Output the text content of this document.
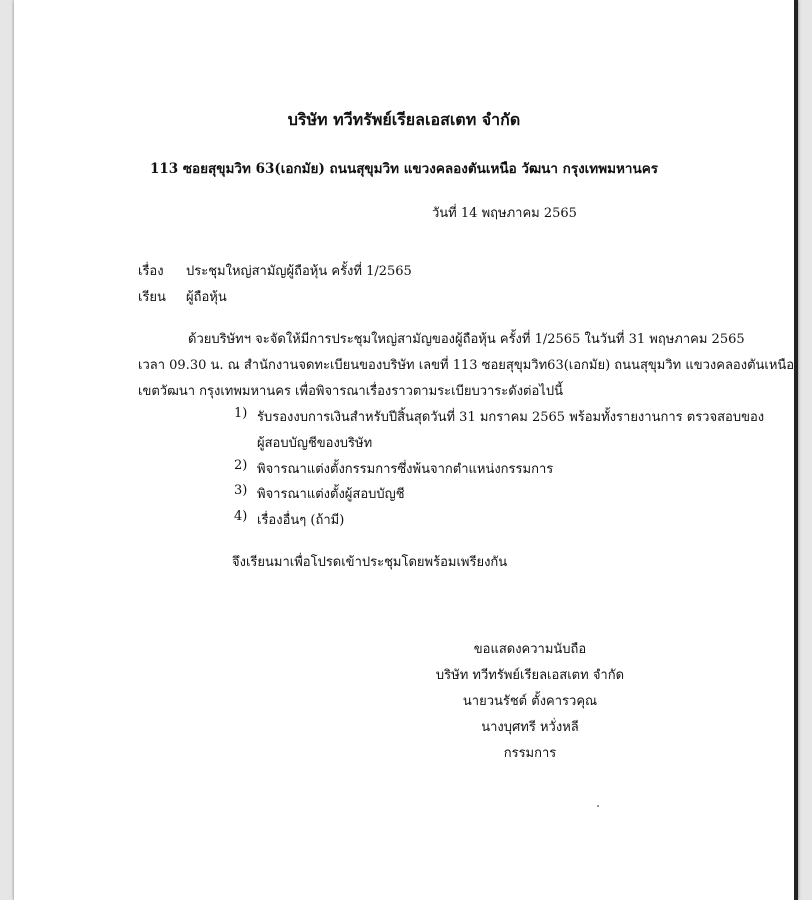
บริษัท ทวีทรัพย์เรียลเอสเตท จำกัด
113 ซอยสุขุมวิท 63(เอกมัย) ถนนสุขุมวิท แขวงคลองตันเหนือ วัฒนา กรุงเทพมหานคร
วันที่ 14 พฤษภาคม 2565
เรื่อง ประชุมใหญ่สามัญผู้ถือหุ้น ครั้งที่ 1/2565
เรียน ผู้ถือหุ้น
ด้วยบริษัทฯ จะจัดให้มีการประชุมใหญ่สามัญของผู้ถือหุ้น ครั้งที่ 1/2565 ในวันที่ 31 พฤษภาคม 2565
เวลา 09.30 น. ณ สำนักงานจดทะเบียนของบริษัท เลขที่ 113 ซอยสุขุมวิท63(เอกมัย) ถนนสุขุมวิท แขวงคลองตันเหนือ
เขตวัฒนา กรุงเทพมหานคร เพื่อพิจารณาเรื่องราวตามระเบียบวาระดังต่อไปนี้
1) รับรองงบการเงินสำหรับปีสิ้นสุดวันที่ 31 มกราคม 2565 พร้อมทั้งรายงานการ ตรวจสอบของ
ผู้สอบบัญชีของบริษัท
2) พิจารณาแต่งตั้งกรรมการซึ่งพ้นจากตำแหน่งกรรมการ
3) พิจารณาแต่งตั้งผู้สอบบัญชี
4) เรื่องอื่นๆ (ถ้ามี)
จึงเรียนมาเพื่อโปรดเข้าประชุมโดยพร้อมเพรียงกัน
ขอแสดงความนับถือ
บริษัท ทวีทรัพย์เรียลเอสเตท จำกัด
นายวนรัชต์ ตั้งคารวคุณ
นางบุศทรี หวั่งหลี
กรรมการ
